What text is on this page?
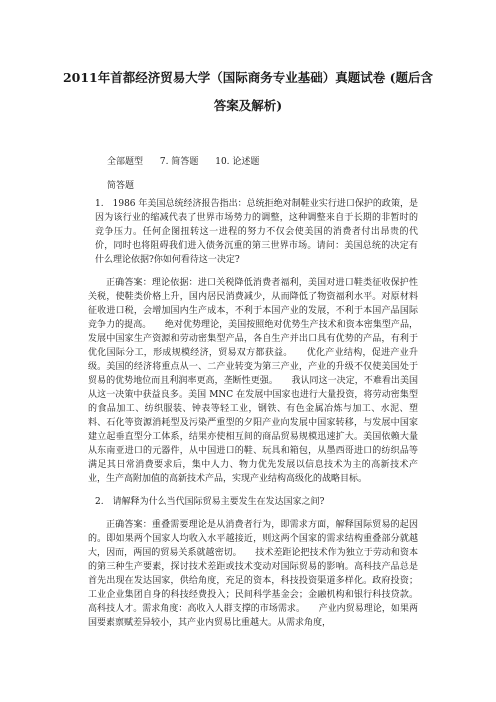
2011年首都经济贸易大学（国际商务专业基础）真题试卷 (题后含答案及解析)
全部题型 7. 简答题 10. 论述题
简答题

1.　1986 年美国总统经济报告指出：总统拒绝对制鞋业实行进口保护的政策，是因为该行业的缩减代表了世界市场势力的调整，这种调整来自于长期的非暂时的竞争压力。任何企图扭转这一进程的努力不仅会使美国的消费者付出昂贵的代价，同时也将阻碍我们进入债务沉重的第三世界市场。请问：美国总统的决定有什么理论依据?你如何看待这一决定?

正确答案：理论依据：进口关税降低消费者福利，美国对进口鞋类征收保护性关税，使鞋类价格上升，国内居民消费减少，从而降低了物资福利水平。对原材料征收进口税，会增加国内生产成本，不利于本国产业的发展，不利于本国产品国际竞争力的提高。　　绝对优势理论，美国按照绝对优势生产技术和资本密集型产品，发展中国家生产资源和劳动密集型产品，各自生产并出口具有优势的产品，有利于优化国际分工，形成规模经济，贸易双方都获益。　　优化产业结构，促进产业升级。美国的经济将重点从一、二产业转变为第三产业，产业的升级不仅使美国处于贸易的优势地位而且利润率更高，垄断性更强。　　我认同这一决定，不难看出美国从这一决策中获益良多。美国 MNC 在发展中国家也进行大量投资，将劳动密集型的食品加工、纺织服装、钟表等轻工业，钢铁、有色金属冶炼与加工、水泥、塑料、石化等资源消耗型及污染严重型的夕阳产业向发展中国家转移，与发展中国家建立起垂直型分工体系，结果亦使相互间的商品贸易规模迅速扩大。美国依赖大量从东南亚进口的元器件，从中国进口的鞋、玩具和箱包，从墨西哥进口的纺织品等满足其日常消费要求后，集中人力、物力优先发展以信息技术为主的高新技术产业，生产高附加值的高新技术产品，实现产业结构高级化的战略目标。

2.　请解释为什么当代国际贸易主要发生在发达国家之间?

正确答案：重叠需要理论是从消费者行为，即需求方面，解释国际贸易的起因的。即如果两个国家人均收入水平越接近，则这两个国家的需求结构重叠部分就越大，因而，两国的贸易关系就越密切。　　技术差距论把技术作为独立于劳动和资本的第三种生产要素，探讨技术差距或技术变动对国际贸易的影响。高科技产品总是首先出现在发达国家，供给角度，充足的资本，科技投资渠道多样化。政府投资；工业企业集团自身的科技经费投入；民间科学基金会；金融机构和银行科技贷款。高科技人才。需求角度：高收入人群支撑的市场需求。　　产业内贸易理论，如果两国要素禀赋差异较小，其产业内贸易比重越大。从需求角度，
